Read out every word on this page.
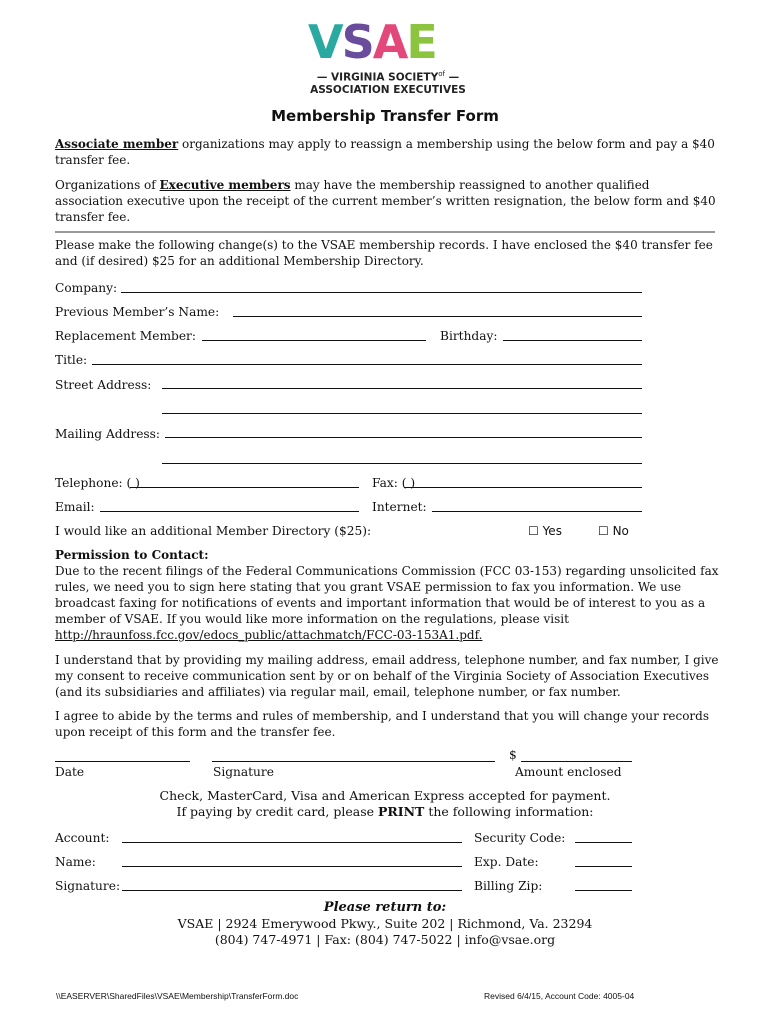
V S A E
— VIRGINIA $SOCIETY^{of}$ —
ASSOCIATION EXECUTIVES
Membership Transfer Form
Associate member organizations may apply to reassign a membership using the below form and pay a $40 transfer fee.
Organizations of Executive members may have the membership reassigned to another qualified association executive upon the receipt of the current member’s written resignation, the below form and $40 transfer fee.
Please make the following change(s) to the VSAE membership records. I have enclosed the $40 transfer fee and (if desired) $25 for an additional Membership Directory.
Company:
Previous Member’s Name:
Replacement Member:	Birthday:
Title:
Street Address:
Mailing Address:
Telephone: ( )	Fax: ( )
Email:	Internet:
I would like an additional Member Directory ($25):	☐ Yes	☐ No
Permission to Contact:
Due to the recent filings of the Federal Communications Commission (FCC 03-153) regarding unsolicited fax rules, we need you to sign here stating that you grant VSAE permission to fax you information. We use broadcast faxing for notifications of events and important information that would be of interest to you as a member of VSAE. If you would like more information on the regulations, please visit http://hraunfoss.fcc.gov/edocs_public/attachmatch/FCC-03-153A1.pdf.
I understand that by providing my mailing address, email address, telephone number, and fax number, I give my consent to receive communication sent by or on behalf of the Virginia Society of Association Executives (and its subsidiaries and affiliates) via regular mail, email, telephone number, or fax number.
I agree to abide by the terms and rules of membership, and I understand that you will change your records upon receipt of this form and the transfer fee.
$
Date	Signature	Amount enclosed
Check, MasterCard, Visa and American Express accepted for payment.
If paying by credit card, please PRINT the following information:
Account:	Security Code:
Name:	Exp. Date:
Signature:	Billing Zip:
Please return to:
VSAE | 2924 Emerywood Pkwy., Suite 202 | Richmond, Va. 23294
(804) 747-4971 | Fax: (804) 747-5022 | info@vsae.org
\\EASERVER\SharedFiles\VSAE\Membership\TransferForm.doc	Revised 6/4/15, Account Code: 4005-04
